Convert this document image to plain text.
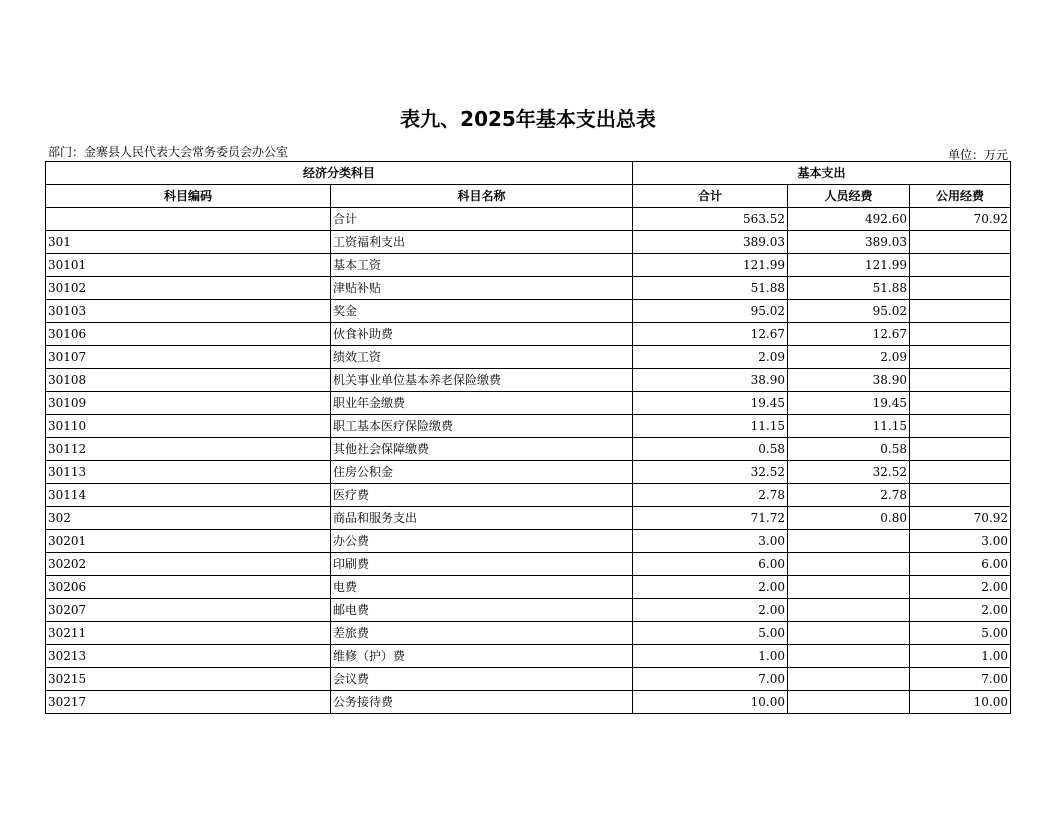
表九、2025年基本支出总表
部门：金寨县人民代表大会常务委员会办公室	单位：万元
经济分类科目		基本支出		
科目编码	科目名称	合计	人员经费	公用经费
	合计	563.52	492.60	70.92
301	工资福利支出	389.03	389.03	
30101	基本工资	121.99	121.99	
30102	津贴补贴	51.88	51.88	
30103	奖金	95.02	95.02	
30106	伙食补助费	12.67	12.67	
30107	绩效工资	2.09	2.09	
30108	机关事业单位基本养老保险缴费	38.90	38.90	
30109	职业年金缴费	19.45	19.45	
30110	职工基本医疗保险缴费	11.15	11.15	
30112	其他社会保障缴费	0.58	0.58	
30113	住房公积金	32.52	32.52	
30114	医疗费	2.78	2.78	
302	商品和服务支出	71.72	0.80	70.92
30201	办公费	3.00		3.00
30202	印刷费	6.00		6.00
30206	电费	2.00		2.00
30207	邮电费	2.00		2.00
30211	差旅费	5.00		5.00
30213	维修（护）费	1.00		1.00
30215	会议费	7.00		7.00
30217	公务接待费	10.00		10.00
